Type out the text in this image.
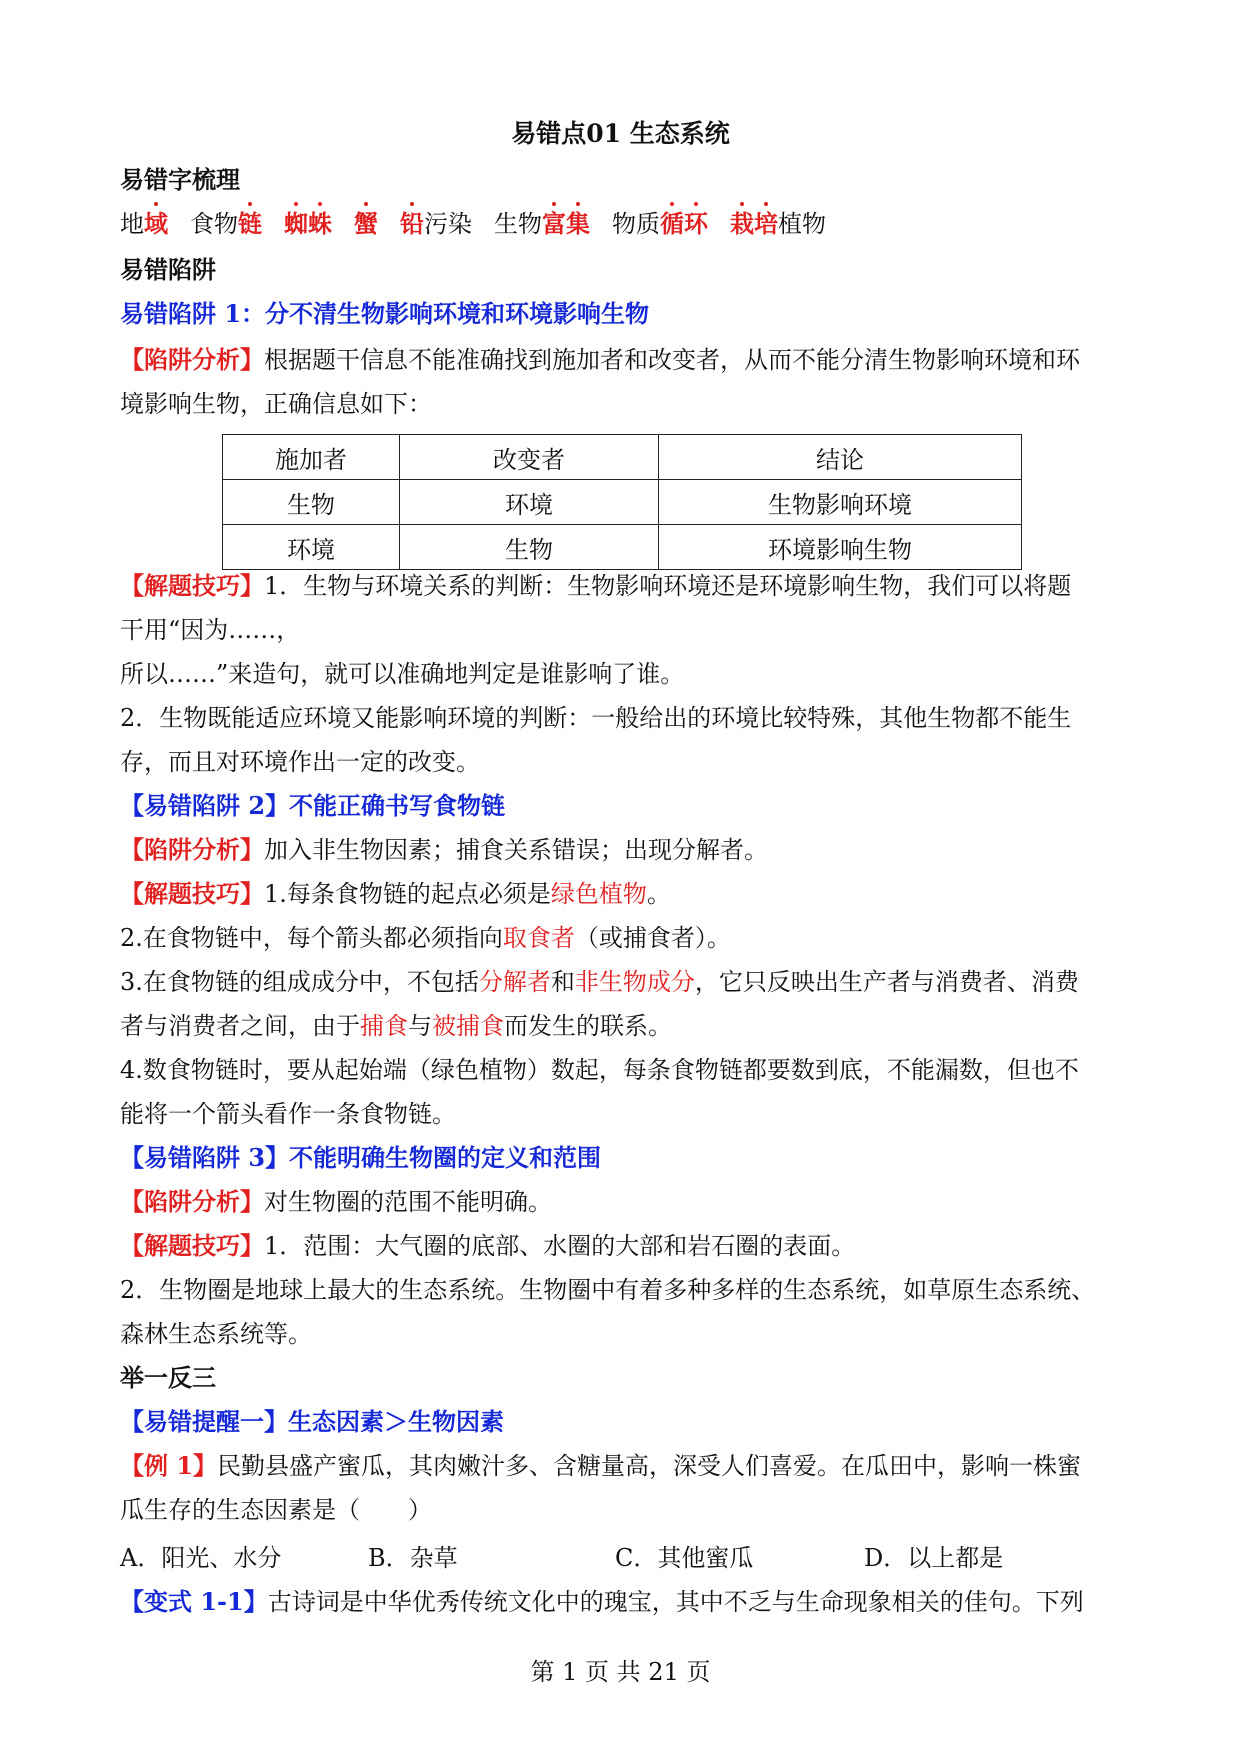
易错点01 生态系统
易错字梳理
地域 食物链 蜘蛛 蟹 铅污染 生物富集 物质循环 栽培植物
易错陷阱
易错陷阱 1：分不清生物影响环境和环境影响生物
【陷阱分析】根据题干信息不能准确找到施加者和改变者，从而不能分清生物影响环境和环
境影响生物，正确信息如下：
施加者	改变者	结论
生物	环境	生物影响环境
环境	生物	环境影响生物
【解题技巧】1．生物与环境关系的判断：生物影响环境还是环境影响生物，我们可以将题
干用“因为……，
所以……”来造句，就可以准确地判定是谁影响了谁。
2．生物既能适应环境又能影响环境的判断：一般给出的环境比较特殊，其他生物都不能生
存，而且对环境作出一定的改变。
【易错陷阱 2】不能正确书写食物链
【陷阱分析】加入非生物因素；捕食关系错误；出现分解者。
【解题技巧】1.每条食物链的起点必须是绿色植物。
2.在食物链中，每个箭头都必须指向取食者（或捕食者）。
3.在食物链的组成成分中，不包括分解者和非生物成分，它只反映出生产者与消费者、消费
者与消费者之间，由于捕食与被捕食而发生的联系。
4.数食物链时，要从起始端（绿色植物）数起，每条食物链都要数到底，不能漏数，但也不
能将一个箭头看作一条食物链。
【易错陷阱 3】不能明确生物圈的定义和范围
【陷阱分析】对生物圈的范围不能明确。
【解题技巧】1．范围：大气圈的底部、水圈的大部和岩石圈的表面。
2．生物圈是地球上最大的生态系统。生物圈中有着多种多样的生态系统，如草原生态系统、
森林生态系统等。
举一反三
【易错提醒一】生态因素＞生物因素
【例 1】民勤县盛产蜜瓜，其肉嫩汁多、含糖量高，深受人们喜爱。在瓜田中，影响一株蜜
瓜生存的生态因素是（　　）
A．阳光、水分	B．杂草	C．其他蜜瓜	D．以上都是
【变式 1-1】古诗词是中华优秀传统文化中的瑰宝，其中不乏与生命现象相关的佳句。下列
第 1 页 共 21 页
